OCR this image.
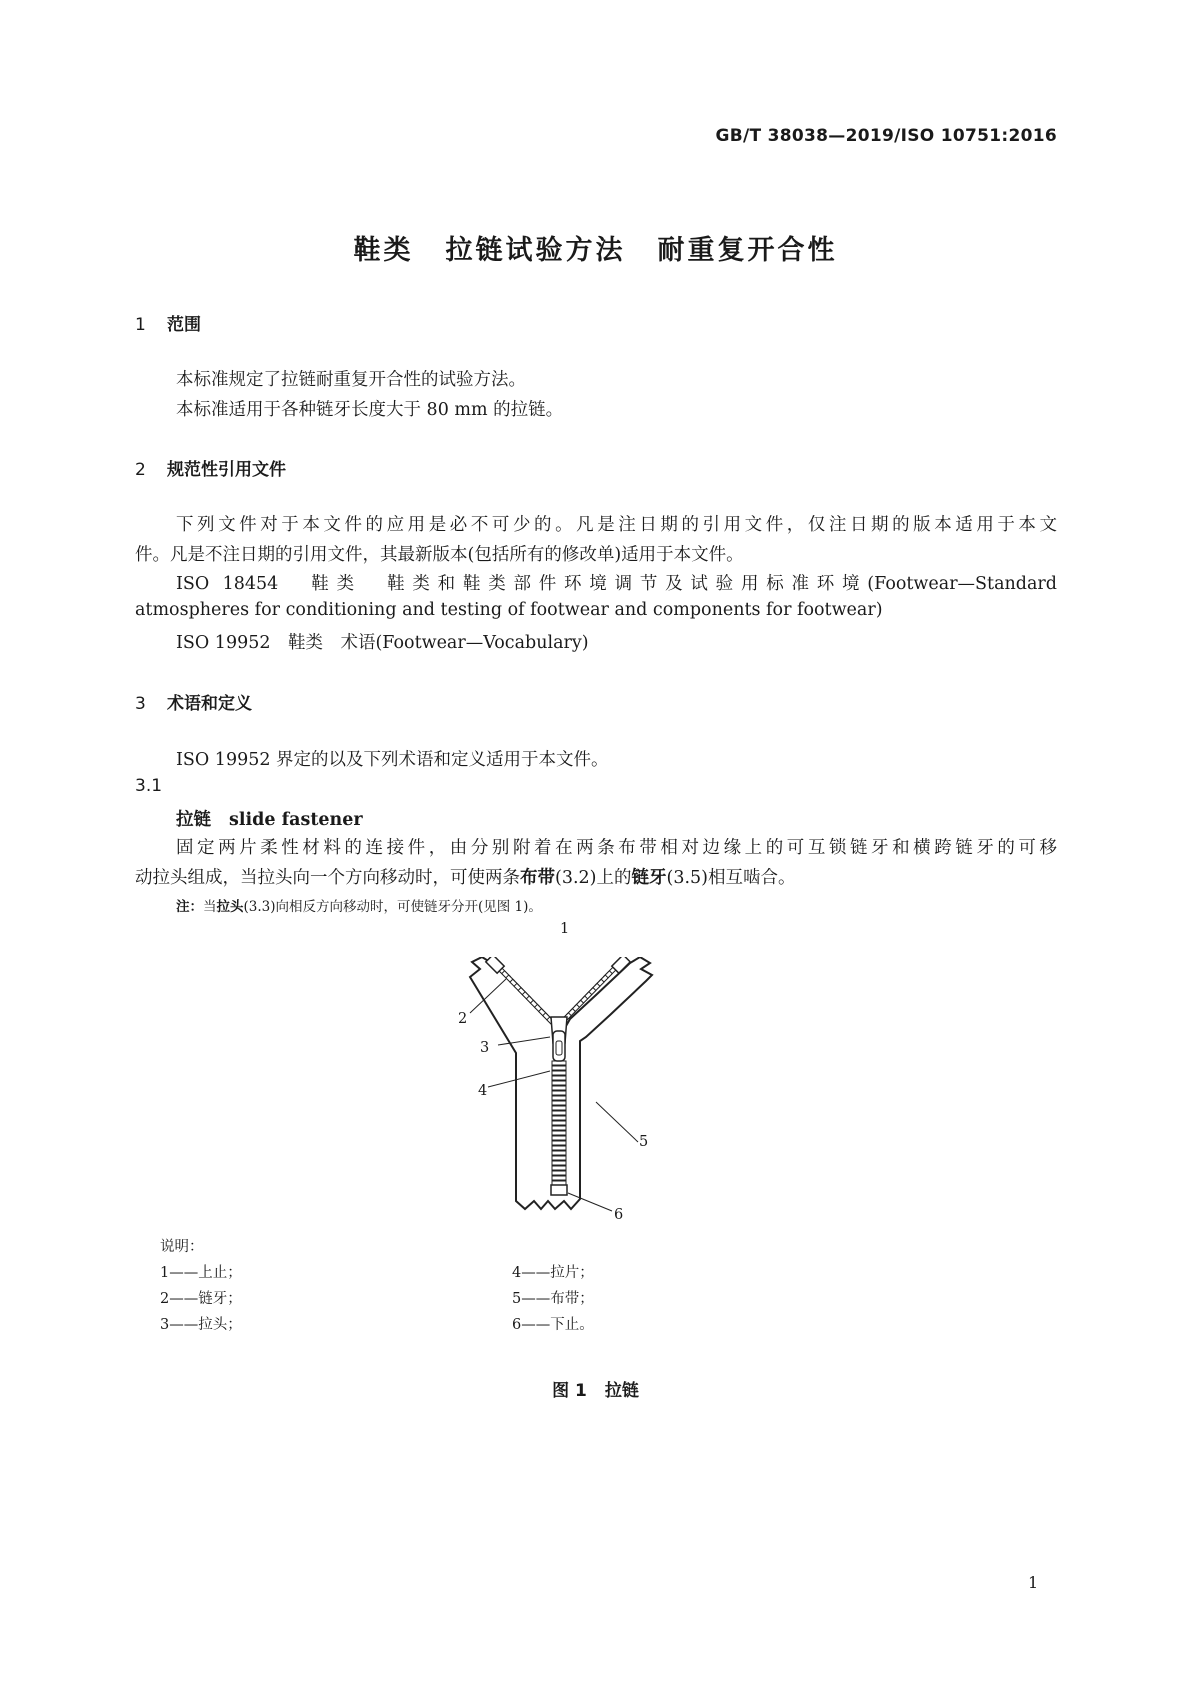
GB/T 38038—2019/ISO 10751:2016
鞋类 拉链试验方法 耐重复开合性
1 范围
本标准规定了拉链耐重复开合性的试验方法。
本标准适用于各种链牙长度大于 80 mm 的拉链。
2 规范性引用文件
下列文件对于本文件的应用是必不可少的。凡是注日期的引用文件，仅注日期的版本适用于本文
件。凡是不注日期的引用文件，其最新版本(包括所有的修改单)适用于本文件。
ISO 18454　鞋类　鞋类和鞋类部件环境调节及试验用标准环境(Footwear—Standard
atmospheres for conditioning and testing of footwear and components for footwear)
ISO 19952　鞋类　术语(Footwear—Vocabulary)
3 术语和定义
ISO 19952 界定的以及下列术语和定义适用于本文件。
3.1
拉链 slide fastener
固定两片柔性材料的连接件，由分别附着在两条布带相对边缘上的可互锁链牙和横跨链牙的可移
动拉头组成，当拉头向一个方向移动时，可使两条布带(3.2)上的链牙(3.5)相互啮合。
注：当拉头(3.3)向相反方向移动时，可使链牙分开(见图 1)。
1
2
3
4
5
6
说明：
1——上止；
2——链牙；
3——拉头；
4——拉片；
5——布带；
6——下止。
图 1 拉链
1
